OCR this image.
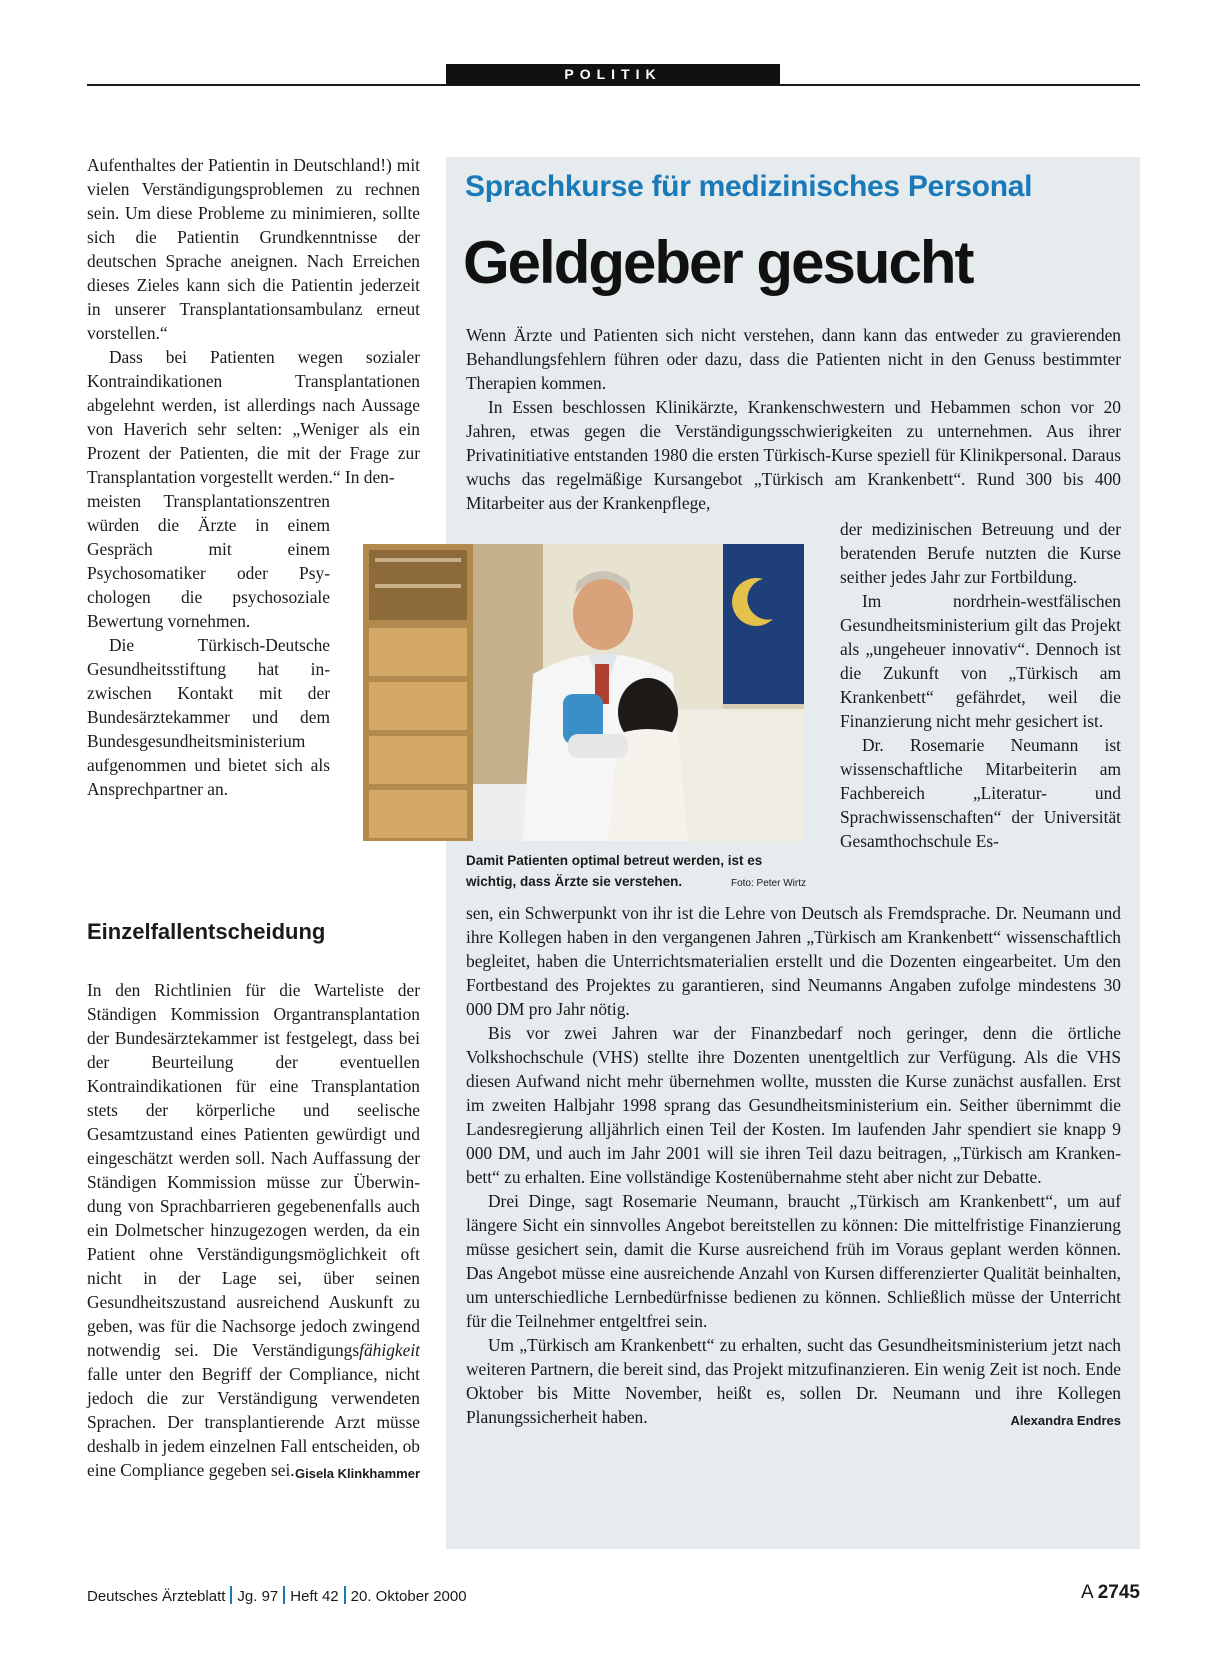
POLITIK

Aufenthaltes der Patientin in Deutschland!) mit vielen Verständigungsproblemen zu rechnen sein. Um diese Probleme zu minimieren, sollte sich die Patientin Grundkenntnisse der deutschen Sprache aneignen. Nach Erreichen dieses Zieles kann sich die Patientin jederzeit in unserer Transplantationsambulanz erneut vorstellen.“

Dass bei Patienten wegen sozialer Kontraindikationen Transplantationen abgelehnt werden, ist allerdings nach Aussage von Haverich sehr selten: „Weniger als ein Prozent der Patienten, die mit der Frage zur Transplantation vorgestellt werden.“ In den-

meisten Transplantationszentren würden die Ärzte in einem Gespräch mit einem Psychosomatiker oder Psychologen die psychosoziale Bewertung vornehmen.

Die Türkisch-Deutsche Gesundheitsstiftung hat inzwischen Kontakt mit der Bundesärztekammer und dem Bundesgesundheitsministerium aufgenommen und bietet sich als Ansprechpartner an.

Einzelfallentscheidung

In den Richtlinien für die Warteliste der Ständigen Kommission Organtransplantation der Bundesärztekammer ist festgelegt, dass bei der Beurteilung der eventuellen Kontraindikationen für eine Transplantation stets der körperliche und seelische Gesamtzustand eines Patienten gewürdigt und eingeschätzt werden soll. Nach Auffassung der Ständigen Kommission müsse zur Überwindung von Sprachbarrieren gegebenenfalls auch ein Dolmetscher hinzugezogen werden, da ein Patient ohne Verständigungsmöglichkeit oft nicht in der Lage sei, über seinen Gesundheitszustand ausreichend Auskunft zu geben, was für die Nachsorge jedoch zwingend notwendig sei. Die Verständigungsfähigkeit falle unter den Begriff der Compliance, nicht jedoch die zur Verständigung verwendeten Sprachen. Der transplantierende Arzt müsse deshalb in jedem einzelnen Fall entscheiden, ob eine Compliance gegeben sei. Gisela Klinkhammer

Sprachkurse für medizinisches Personal
Geldgeber gesucht

Wenn Ärzte und Patienten sich nicht verstehen, dann kann das entweder zu gravierenden Behandlungsfehlern führen oder dazu, dass die Patienten nicht in den Genuss bestimmter Therapien kommen.

In Essen beschlossen Klinikärzte, Krankenschwestern und Hebammen schon vor 20 Jahren, etwas gegen die Verständigungsschwierigkeiten zu unternehmen. Aus ihrer Privatinitiative entstanden 1980 die ersten Türkisch-Kurse speziell für Klinikpersonal. Daraus wuchs das regelmäßige Kursangebot „Türkisch am Krankenbett“. Rund 300 bis 400 Mitarbeiter aus der Krankenpflege,

der medizinischen Betreuung und der beratenden Berufe nutzten die Kurse seither jedes Jahr zur Fortbildung.

Im nordrhein-westfälischen Gesundheitsministerium gilt das Projekt als „ungeheuer innovativ“. Dennoch ist die Zukunft von „Türkisch am Krankenbett“ gefährdet, weil die Finanzierung nicht mehr gesichert ist.

Dr. Rosemarie Neumann ist wissenschaftliche Mitarbeiterin am Fachbereich „Literatur- und Sprachwissenschaften“ der Universität Gesamthochschule Es-

sen, ein Schwerpunkt von ihr ist die Lehre von Deutsch als Fremdsprache. Dr. Neumann und ihre Kollegen haben in den vergangenen Jahren „Türkisch am Krankenbett“ wissenschaftlich begleitet, haben die Unterrichtsmaterialien erstellt und die Dozenten eingearbeitet. Um den Fortbestand des Projektes zu garantieren, sind Neumanns Angaben zufolge mindestens 30 000 DM pro Jahr nötig.

Bis vor zwei Jahren war der Finanzbedarf noch geringer, denn die örtliche Volkshochschule (VHS) stellte ihre Dozenten unentgeltlich zur Verfügung. Als die VHS diesen Aufwand nicht mehr übernehmen wollte, mussten die Kurse zunächst ausfallen. Erst im zweiten Halbjahr 1998 sprang das Gesundheitsministerium ein. Seither übernimmt die Landesregierung alljährlich einen Teil der Kosten. Im laufenden Jahr spendiert sie knapp 9 000 DM, und auch im Jahr 2001 will sie ihren Teil dazu beitragen, „Türkisch am Krankenbett“ zu erhalten. Eine vollständige Kostenübernahme steht aber nicht zur Debatte.

Drei Dinge, sagt Rosemarie Neumann, braucht „Türkisch am Krankenbett“, um auf längere Sicht ein sinnvolles Angebot bereitstellen zu können: Die mittelfristige Finanzierung müsse gesichert sein, damit die Kurse ausreichend früh im Voraus geplant werden können. Das Angebot müsse eine ausreichende Anzahl von Kursen differenzierter Qualität beinhalten, um unterschiedliche Lernbedürfnisse bedienen zu können. Schließlich müsse der Unterricht für die Teilnehmer entgeltfrei sein.

Um „Türkisch am Krankenbett“ zu erhalten, sucht das Gesundheitsministerium jetzt nach weiteren Partnern, die bereit sind, das Projekt mitzufinanzieren. Ein wenig Zeit ist noch. Ende Oktober bis Mitte November, heißt es, sollen Dr. Neumann und ihre Kollegen Planungssicherheit haben.	Alexandra Endres

Damit Patienten optimal betreut werden, ist es wichtig, dass Ärzte sie verstehen.	Foto: Peter Wirtz
Deutsches Ärzteblatt Jg. 97 Heft 42 20. Oktober 2000	A 2745
